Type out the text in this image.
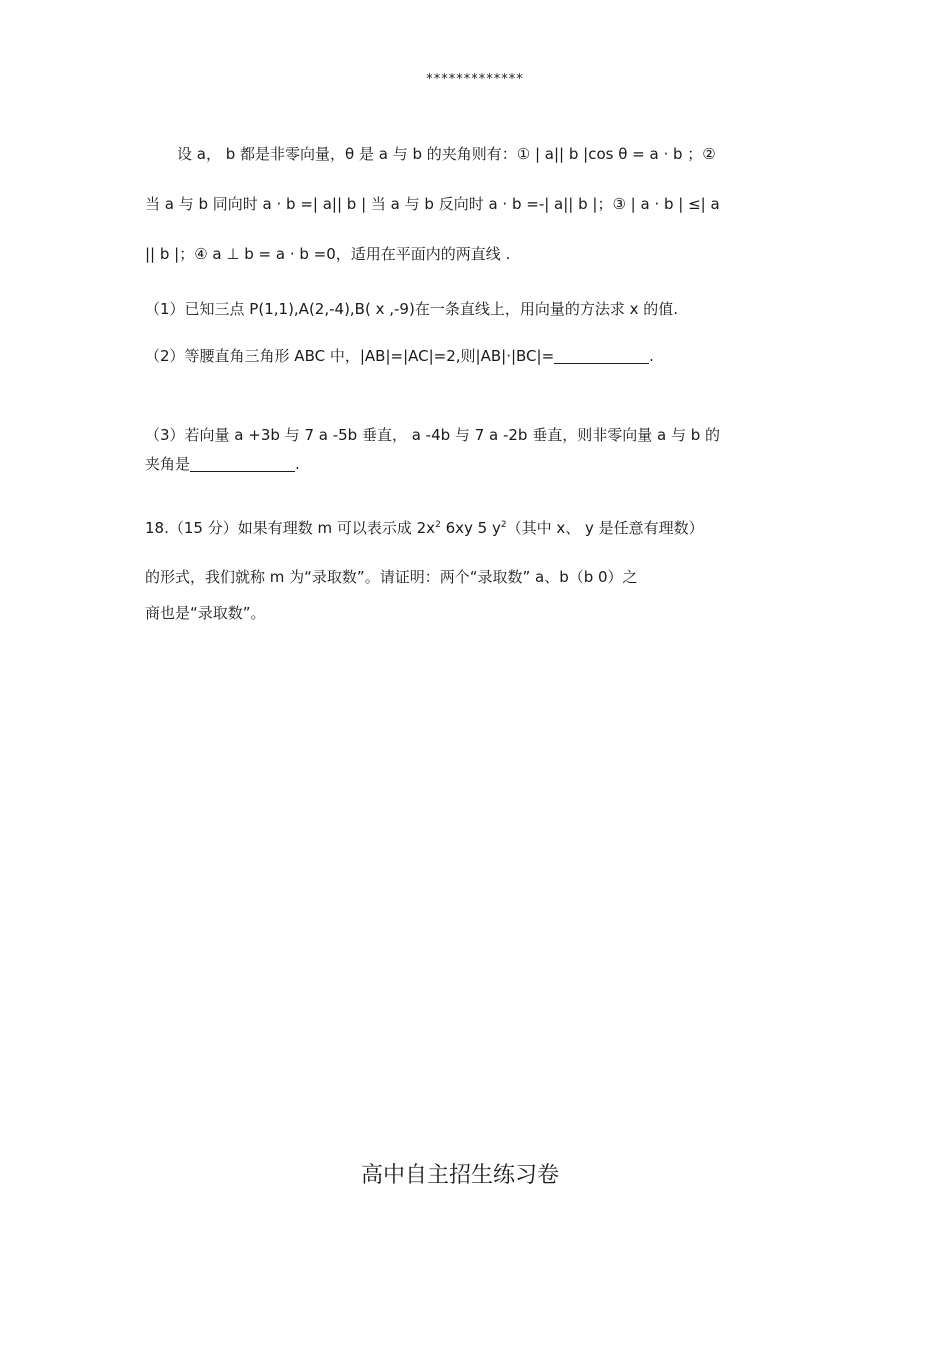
*************
设 a， b 都是非零向量，θ 是 a 与 b 的夹角则有：① | a|| b |cos θ = a · b ；②
当 a 与 b 同向时 a · b =| a|| b | 当 a 与 b 反向时 a · b =-| a|| b |；③ | a · b | ≤| a
|| b |；④ a ⊥ b = a · b =0，适用在平面内的两直线 .
（1）已知三点 P(1,1),A(2,-4),B( x ,-9)在一条直线上，用向量的方法求 x 的值.
（2）等腰直角三角形 ABC 中，|AB|=|AC|=2,则|AB|·|BC|=	.
（3）若向量 a +3b 与 7 a -5b 垂直， a -4b 与 7 a -2b 垂直，则非零向量 a 与 b 的
夹角是	.
18.（15 分）如果有理数 m 可以表示成 $2x^2$ 6xy 5 $y^2$（其中 x、 y 是任意有理数）
的形式，我们就称 m 为“录取数”。请证明：两个“录取数” a、b（b 0）之
商也是“录取数”。
高中自主招生练习卷
